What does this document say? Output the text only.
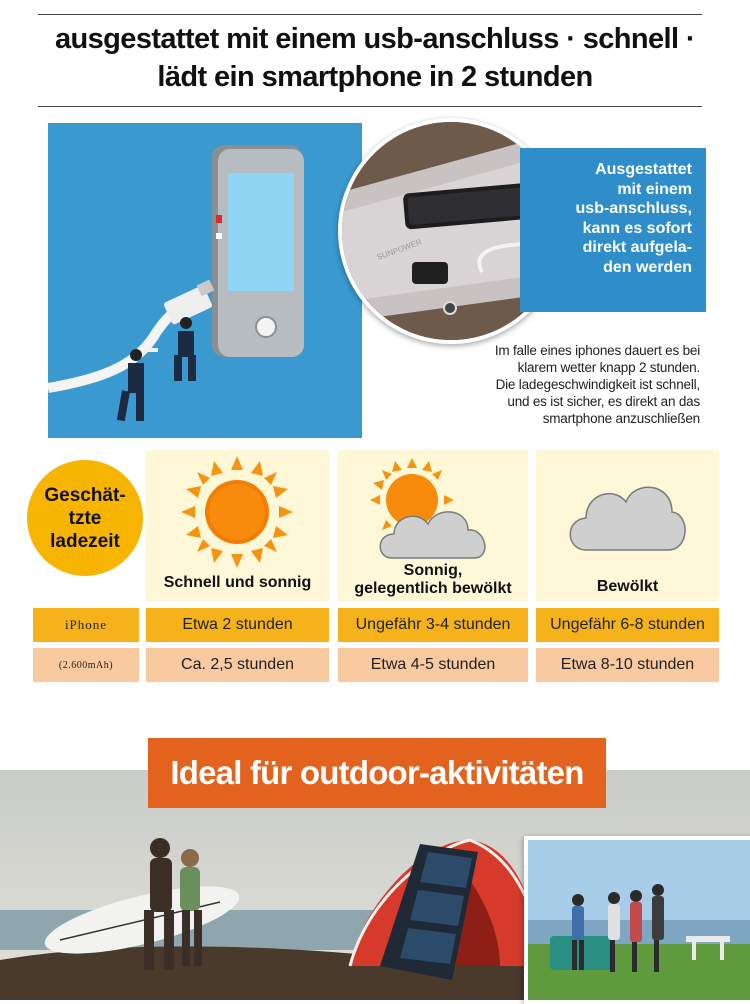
ausgestattet mit einem usb-anschluss · schnell ·
lädt ein smartphone in 2 stunden
SUNPOWER
Ausgestattet
mit einem
usb-anschluss,
kann es sofort
direkt aufgela-
den werden
Im falle eines iphones dauert es bei
klarem wetter knapp 2 stunden.
Die ladegeschwindigkeit ist schnell,
und es ist sicher, es direkt an das
smartphone anzuschließen
Geschät-
tzte
ladezeit
Schnell und sonnig
Sonnig,
gelegentlich bewölkt	Bewölkt
iPhone	Etwa 2 stunden	Ungefähr 3-4 stunden	Ungefähr 6-8 stunden
(2.600mAh)	Ca. 2,5 stunden	Etwa 4-5 stunden	Etwa 8-10 stunden
Ideal für outdoor-aktivitäten
